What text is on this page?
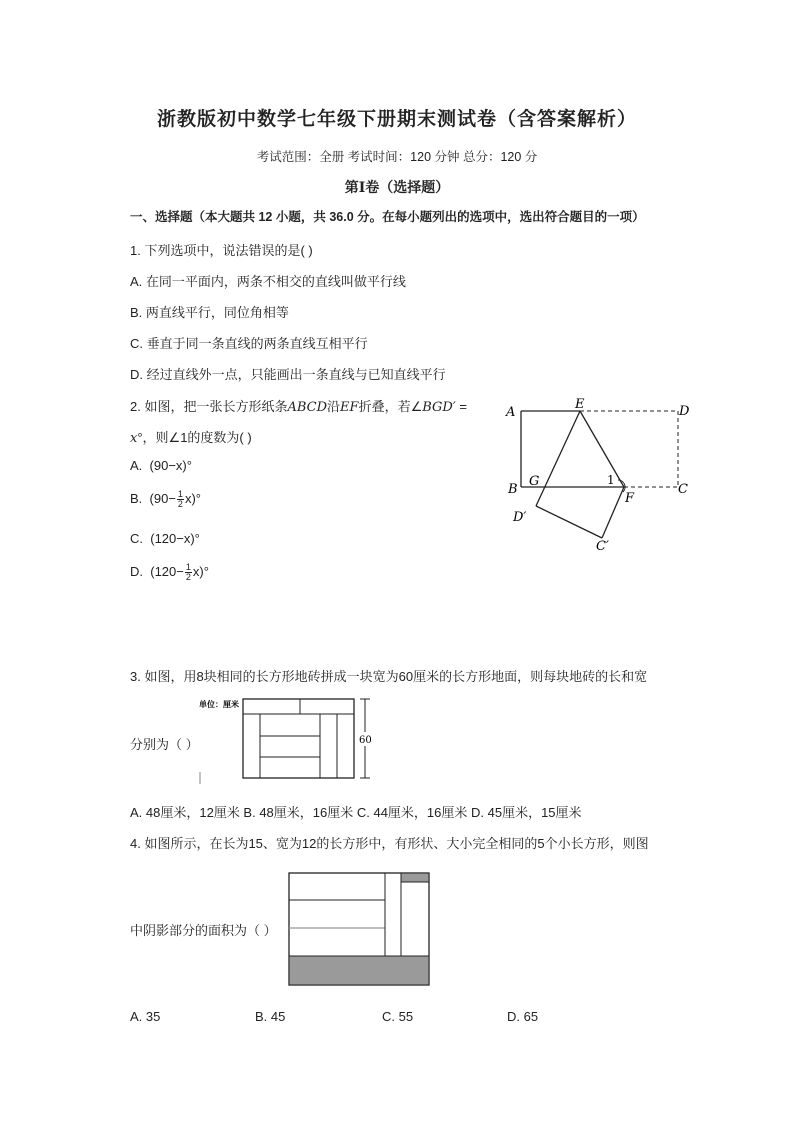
浙教版初中数学七年级下册期末测试卷（含答案解析）
考试范围：全册 考试时间：120 分钟 总分：120 分
第Ⅰ卷（选择题）
一、选择题（本大题共 12 小题，共 36.0 分。在每小题列出的选项中，选出符合题目的一项）
1. 下列选项中，说法错误的是( )
A. 在同一平面内，两条不相交的直线叫做平行线
B. 两直线平行，同位角相等
C. 垂直于同一条直线的两条直线互相平行
D. 经过直线外一点，只能画出一条直线与已知直线平行
2. 如图，把一张长方形纸条ABCD沿EF折叠，若∠BGD′ =
x°，则∠1的度数为( )
A. (90−x)°
B. $(90- \frac{1}{2} x)^\circ$
C. (120−x)°
D. $(120- \frac{1}{2} x)^\circ$
A
E	D
B
G	1
C
F
D′
C′
3. 如图，用8块相同的长方形地砖拼成一块宽为60厘米的长方形地面，则每块地砖的长和宽
分别为（ ）
单位：厘米
60
A. 48厘米，12厘米 B. 48厘米，16厘米 C. 44厘米，16厘米 D. 45厘米，15厘米
4. 如图所示，在长为15、宽为12的长方形中，有形状、大小完全相同的5个小长方形，则图
中阴影部分的面积为（ ）
A. 35	B. 45	C. 55	D. 65
